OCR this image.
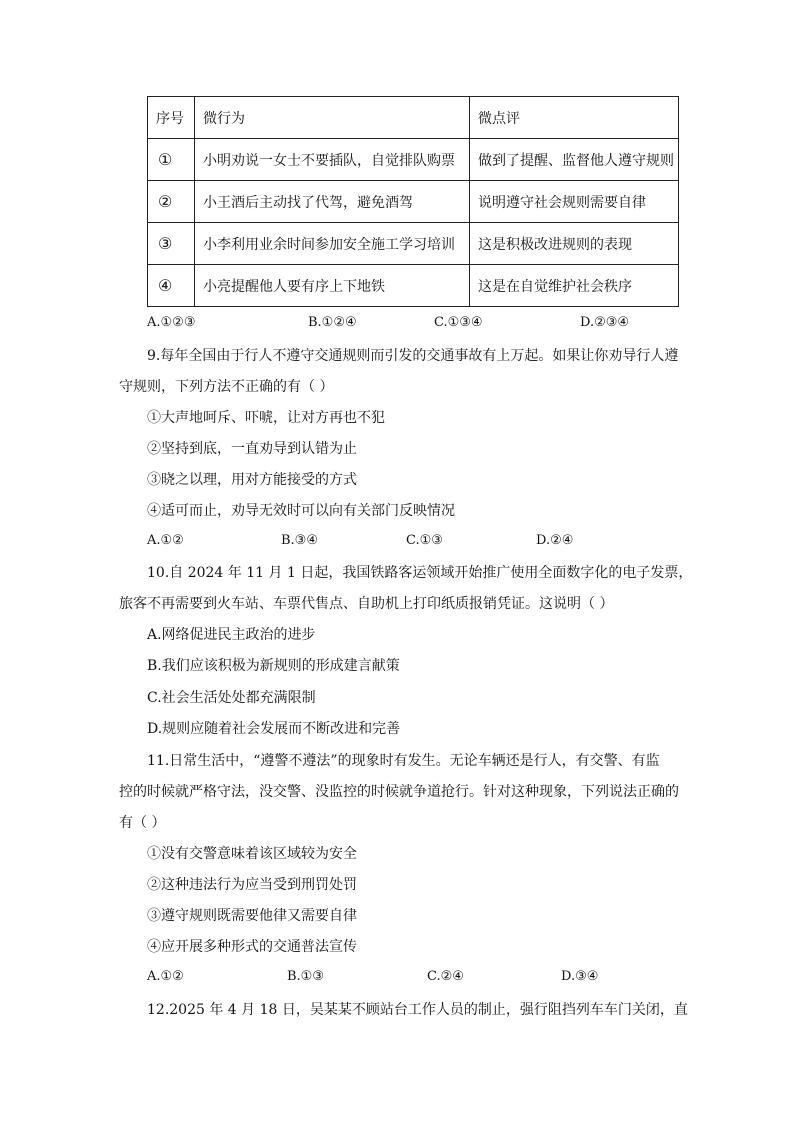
序号	微行为	微点评
①	小明劝说一女士不要插队，自觉排队购票	做到了提醒、监督他人遵守规则
②	小王酒后主动找了代驾，避免酒驾	说明遵守社会规则需要自律
③	小李利用业余时间参加安全施工学习培训	这是积极改进规则的表现
④	小亮提醒他人要有序上下地铁	这是在自觉维护社会秩序
A.①②③	B.①②④	C.①③④	D.②③④
9.每年全国由于行人不遵守交通规则而引发的交通事故有上万起。如果让你劝导行人遵
守规则，下列方法不正确的有（ ）
①大声地呵斥、吓唬，让对方再也不犯
②坚持到底，一直劝导到认错为止
③晓之以理，用对方能接受的方式
④适可而止，劝导无效时可以向有关部门反映情况
A.①②	B.③④	C.①③	D.②④
10.自 2024 年 11 月 1 日起，我国铁路客运领域开始推广使用全面数字化的电子发票，
旅客不再需要到火车站、车票代售点、自助机上打印纸质报销凭证。这说明（ ）
A.网络促进民主政治的进步
B.我们应该积极为新规则的形成建言献策
C.社会生活处处都充满限制
D.规则应随着社会发展而不断改进和完善
11.日常生活中，“遵警不遵法”的现象时有发生。无论车辆还是行人，有交警、有监
控的时候就严格守法，没交警、没监控的时候就争道抢行。针对这种现象，下列说法正确的
有（ ）
①没有交警意味着该区域较为安全
②这种违法行为应当受到刑罚处罚
③遵守规则既需要他律又需要自律
④应开展多种形式的交通普法宣传
A.①②	B.①③	C.②④	D.③④
12.2025 年 4 月 18 日，吴某某不顾站台工作人员的制止，强行阻挡列车车门关闭，直
